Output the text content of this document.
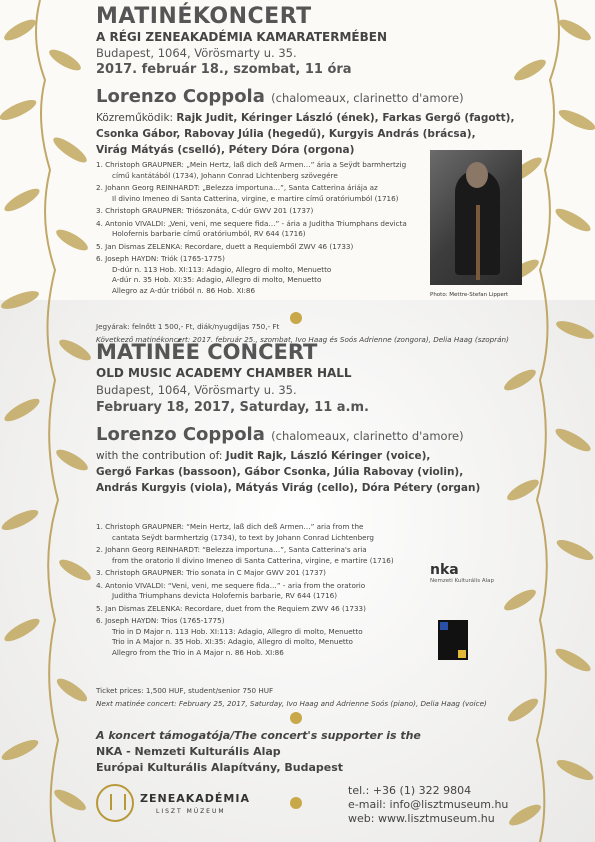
MATINÉKONCERT
A RÉGI ZENEAKADÉMIA KAMARATERMÉBEN
Budapest, 1064, Vörösmarty u. 35.
2017. február 18., szombat, 11 óra
Lorenzo Coppola (chalomeaux, clarinetto d'amore)
Közreműködik: Rajk Judit, Kéringer László (ének), Farkas Gergő (fagott),
Csonka Gábor, Rabovay Júlia (hegedű), Kurgyis András (brácsa),
Virág Mátyás (cselló), Pétery Dóra (orgona)
1. Christoph GRAUPNER: „Mein Hertz, laß dich deß Armen…” ária a Seÿdt barmhertzig
című kantátából (1734), Johann Conrad Lichtenberg szövegére
2. Johann Georg REINHARDT: „Belezza importuna…”, Santa Catterina áriája az
Il divino Imeneo di Santa Catterina, virgine, e martire című oratóriumból (1716)
3. Christoph GRAUPNER: Triószonáta, C-dúr GWV 201 (1737)
4. Antonio VIVALDI: „Veni, veni, me sequere fida…” - ária a Juditha Triumphans devicta
Holofernis barbarie című oratóriumból, RV 644 (1716)
5. Jan Dismas ZELENKA: Recordare, duett a Requiemből ZWV 46 (1733)
6. Joseph HAYDN: Triók (1765-1775)
D-dúr n. 113 Hob. XI:113: Adagio, Allegro di molto, Menuetto
A-dúr n. 35 Hob. XI:35: Adagio, Allegro di molto, Menuetto
Allegro az A-dúr trióból n. 86 Hob. XI:86
Jegyárak: felnőtt 1 500,- Ft, diák/nyugdíjas 750,- Ft
Következő matinékoncert: 2017. február 25., szombat, Ivo Haag és Soós Adrienne (zongora), Delia Haag (szoprán)
MATINÉE CONCERT
OLD MUSIC ACADEMY CHAMBER HALL
Budapest, 1064, Vörösmarty u. 35.
February 18, 2017, Saturday, 11 a.m.
Lorenzo Coppola (chalomeaux, clarinetto d'amore)
with the contribution of: Judit Rajk, László Kéringer (voice),
Gergő Farkas (bassoon), Gábor Csonka, Júlia Rabovay (violin),
András Kurgyis (viola), Mátyás Virág (cello), Dóra Pétery (organ)
1. Christoph GRAUPNER: “Mein Hertz, laß dich deß Armen…” aria from the
cantata Seÿdt barmhertzig (1734), to text by Johann Conrad Lichtenberg
2. Johann Georg REINHARDT: “Belezza importuna…”, Santa Catterina's aria
from the oratorio Il divino Imeneo di Santa Catterina, virgine, e martire (1716)
3. Christoph GRAUPNER: Trio sonata in C Major GWV 201 (1737)
4. Antonio VIVALDI: “Veni, veni, me sequere fida…” - aria from the oratorio
Juditha Triumphans devicta Holofernis barbarie, RV 644 (1716)
5. Jan Dismas ZELENKA: Recordare, duet from the Requiem ZWV 46 (1733)
6. Joseph HAYDN: Trios (1765-1775)
Trio in D Major n. 113 Hob. XI:113: Adagio, Allegro di molto, Menuetto
Trio in A Major n. 35 Hob. XI:35: Adagio, Allegro di molto, Menuetto
Allegro from the Trio in A Major n. 86 Hob. XI:86
Ticket prices: 1,500 HUF, student/senior 750 HUF
Next matinée concert: February 25, 2017, Saturday, Ivo Haag and Adrienne Soós (piano), Delia Haag (voice)
A koncert támogatója/The concert's supporter is the
NKA - Nemzeti Kulturális Alap
Európai Kulturális Alapítvány, Budapest
ZENEAKADÉMIA
LISZT MÚZEUM
tel.: +36 (1) 322 9804
e-mail: info@lisztmuseum.hu
web: www.lisztmuseum.hu
Photo: Mettre-Stefan Lippert
nka
Nemzeti Kulturális Alap
